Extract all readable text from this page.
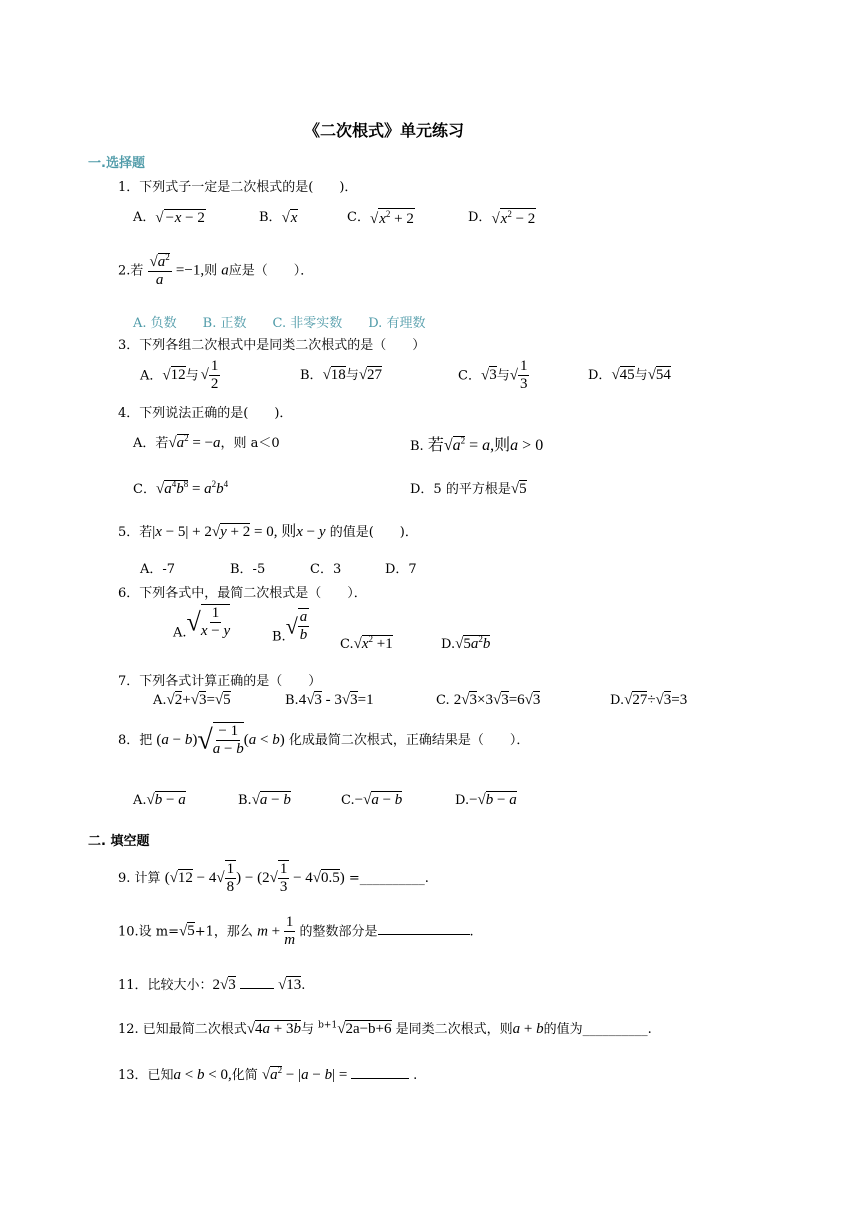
《二次根式》单元练习
一.选择题
1．下列式子一定是二次根式的是(　　)．
A．√−x − 2	B．√x	C．$√x^2 + 2$	D．$√x^2 - 2$
2.若 $\frac{√a^2}{a} =-1$,则 a应是（　　）．
A. 负数　　B. 正数　　C. 非零实数　　D. 有理数
3．下列各组二次根式中是同类二次根式的是（　　）
A．√12与 √ $\frac{1}{2}$	B．√18与√27	C．√3与√ $\frac{1}{3}$	D．√45与√54
4．下列说法正确的是(　　)．
A．若$√a^2 = -a$，则 a＜0	B. 若$√a^2 = a$,则a > 0
C．$√a^4b^8 = a^2b^4$	D．5 的平方根是√5
5．若|x − 5| + 2√y + 2 = 0, 则x − y 的值是(　　)．
A．-7	B．-5	C．3	D．7
6．下列各式中，最简二次根式是（　　）．
$A.√ \frac{1}{x - y}$	$B.√ \frac{a}{b} C.√x^2 +1$	$D.√5a^2b$
7．下列各式计算正确的是（　　）
A.√2+√3=√5	B.4√3 - 3√3=1	C. 2√3×3√3=6√3	D.√27÷√3=3
8．把 $(a - b)√ \frac{- 1}{a - b} (a < b)$ 化成最简二次根式，正确结果是（　　）．
A.√b − a	B.√a − b	C.−√a − b	D.−√b − a
二. 填空题
9. 计算 ($√12 - 4√ \frac{1}{8}$ ) − $(2√ \frac{1}{3} - 4√0.5)$ =__________.
10.设 m=√5+1，那么 $m + \frac{1}{m}$ 的整数部分是	.
11．比较大小：2√3	√13.
12. 已知最简二次根式√4a + 3b与 $^{b+1}$√2a−b+6 是同类二次根式，则a + b的值为__________.
13．已知a < b < 0,化简 $√a^2 - |a - b|$ =	.
